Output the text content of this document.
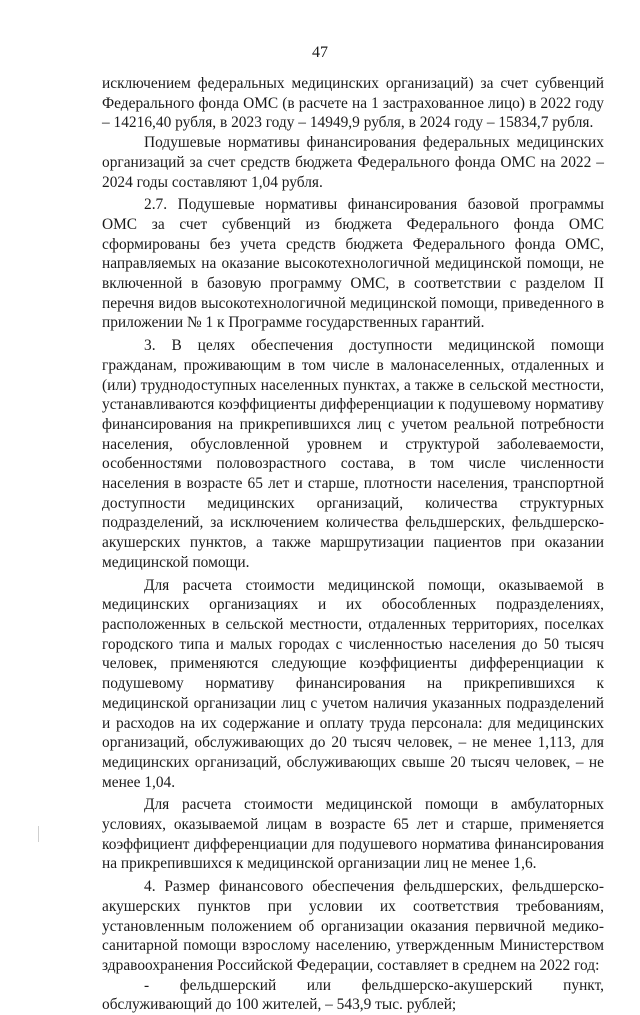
47

исключением федеральных медицинских организаций) за счет субвенций Федерального фонда ОМС (в расчете на 1 застрахованное лицо) в 2022 году – 14216,40 рубля, в 2023 году – 14949,9 рубля, в 2024 году – 15834,7 рубля.

Подушевые нормативы финансирования федеральных медицинских организаций за счет средств бюджета Федерального фонда ОМС на 2022 – 2024 годы составляют 1,04 рубля.

2.7. Подушевые нормативы финансирования базовой программы ОМС за счет субвенций из бюджета Федерального фонда ОМС сформированы без учета средств бюджета Федерального фонда ОМС, направляемых на оказание высокотехнологичной медицинской помощи, не включенной в базовую программу ОМС, в соответствии с разделом II перечня видов высокотехнологичной медицинской помощи, приведенного в приложении № 1 к Программе государственных гарантий.

3. В целях обеспечения доступности медицинской помощи гражданам, проживающим в том числе в малонаселенных, отдаленных и (или) труднодоступных населенных пунктах, а также в сельской местности, устанавливаются коэффициенты дифференциации к подушевому нормативу финансирования на прикрепившихся лиц с учетом реальной потребности населения, обусловленной уровнем и структурой заболеваемости, особенностями половозрастного состава, в том числе численности населения в возрасте 65 лет и старше, плотности населения, транспортной доступности медицинских организаций, количества структурных подразделений, за исключением количества фельдшерских, фельдшерско-акушерских пунктов, а также маршрутизации пациентов при оказании медицинской помощи.

Для расчета стоимости медицинской помощи, оказываемой в медицинских организациях и их обособленных подразделениях, расположенных в сельской местности, отдаленных территориях, поселках городского типа и малых городах с численностью населения до 50 тысяч человек, применяются следующие коэффициенты дифференциации к подушевому нормативу финансирования на прикрепившихся к медицинской организации лиц с учетом наличия указанных подразделений и расходов на их содержание и оплату труда персонала: для медицинских организаций, обслуживающих до 20 тысяч человек, – не менее 1,113, для медицинских организаций, обслуживающих свыше 20 тысяч человек, – не менее 1,04.

Для расчета стоимости медицинской помощи в амбулаторных условиях, оказываемой лицам в возрасте 65 лет и старше, применяется коэффициент дифференциации для подушевого норматива финансирования на прикрепившихся к медицинской организации лиц не менее 1,6.

4. Размер финансового обеспечения фельдшерских, фельдшерско-акушерских пунктов при условии их соответствия требованиям, установленным положением об организации оказания первичной медико-санитарной помощи взрослому населению, утвержденным Министерством здравоохранения Российской Федерации, составляет в среднем на 2022 год:

- фельдшерский или фельдшерско-акушерский пункт, обслуживающий до 100 жителей, – 543,9 тыс. рублей;
